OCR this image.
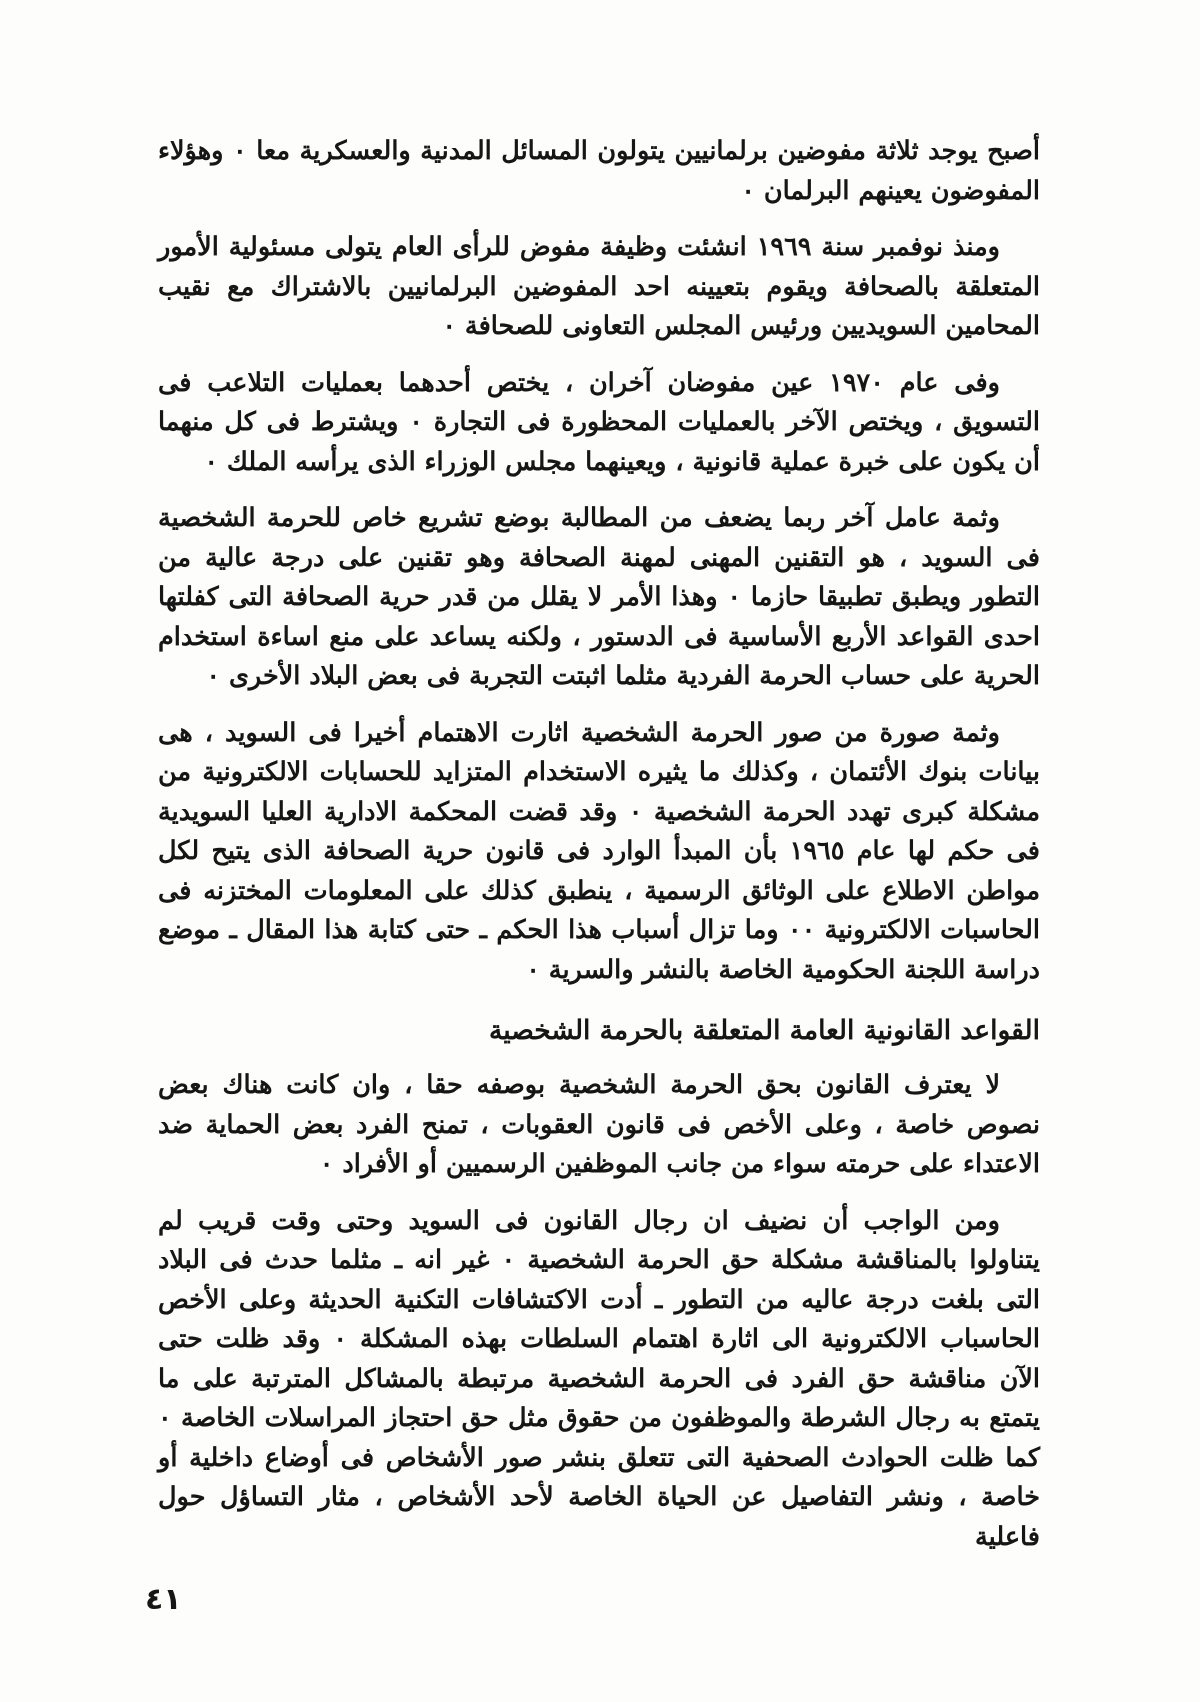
أصبح يوجد ثلاثة مفوضين برلمانيين يتولون المسائل المدنية والعسكرية معا ٠ وهؤلاء المفوضون يعينهم البرلمان ٠

ومنذ نوفمبر سنة ١٩٦٩ انشئت وظيفة مفوض للرأى العام يتولى مسئولية الأمور المتعلقة بالصحافة ويقوم بتعيينه احد المفوضين البرلمانيين بالاشتراك مع نقيب المحامين السويديين ورئيس المجلس التعاونى للصحافة ٠

وفى عام ١٩٧٠ عين مفوضان آخران ، يختص أحدهما بعمليات التلاعب فى التسويق ، ويختص الآخر بالعمليات المحظورة فى التجارة ٠ ويشترط فى كل منهما أن يكون على خبرة عملية قانونية ، ويعينهما مجلس الوزراء الذى يرأسه الملك ٠

وثمة عامل آخر ربما يضعف من المطالبة بوضع تشريع خاص للحرمة الشخصية فى السويد ، هو التقنين المهنى لمهنة الصحافة وهو تقنين على درجة عالية من التطور ويطبق تطبيقا حازما ٠ وهذا الأمر لا يقلل من قدر حرية الصحافة التى كفلتها احدى القواعد الأربع الأساسية فى الدستور ، ولكنه يساعد على منع اساءة استخدام الحرية على حساب الحرمة الفردية مثلما اثبتت التجربة فى بعض البلاد الأخرى ٠

وثمة صورة من صور الحرمة الشخصية اثارت الاهتمام أخيرا فى السويد ، هى بيانات بنوك الأئتمان ، وكذلك ما يثيره الاستخدام المتزايد للحسابات الالكترونية من مشكلة كبرى تهدد الحرمة الشخصية ٠ وقد قضت المحكمة الادارية العليا السويدية فى حكم لها عام ١٩٦٥ بأن المبدأ الوارد فى قانون حرية الصحافة الذى يتيح لكل مواطن الاطلاع على الوثائق الرسمية ، ينطبق كذلك على المعلومات المختزنه فى الحاسبات الالكترونية ٠٠ وما تزال أسباب هذا الحكم ـ حتى كتابة هذا المقال ـ موضع دراسة اللجنة الحكومية الخاصة بالنشر والسرية ٠

القواعد القانونية العامة المتعلقة بالحرمة الشخصية

لا يعترف القانون بحق الحرمة الشخصية بوصفه حقا ، وان كانت هناك بعض نصوص خاصة ، وعلى الأخص فى قانون العقوبات ، تمنح الفرد بعض الحماية ضد الاعتداء على حرمته سواء من جانب الموظفين الرسميين أو الأفراد ٠

ومن الواجب أن نضيف ان رجال القانون فى السويد وحتى وقت قريب لم يتناولوا بالمناقشة مشكلة حق الحرمة الشخصية ٠ غير انه ـ مثلما حدث فى البلاد التى بلغت درجة عاليه من التطور ـ أدت الاكتشافات التكنية الحديثة وعلى الأخص الحاسباب الالكترونية الى اثارة اهتمام السلطات بهذه المشكلة ٠ وقد ظلت حتى الآن مناقشة حق الفرد فى الحرمة الشخصية مرتبطة بالمشاكل المترتبة على ما يتمتع به رجال الشرطة والموظفون من حقوق مثل حق احتجاز المراسلات الخاصة ٠ كما ظلت الحوادث الصحفية التى تتعلق بنشر صور الأشخاص فى أوضاع داخلية أو خاصة ، ونشر التفاصيل عن الحياة الخاصة لأحد الأشخاص ، مثار التساؤل حول فاعلية

٤١
